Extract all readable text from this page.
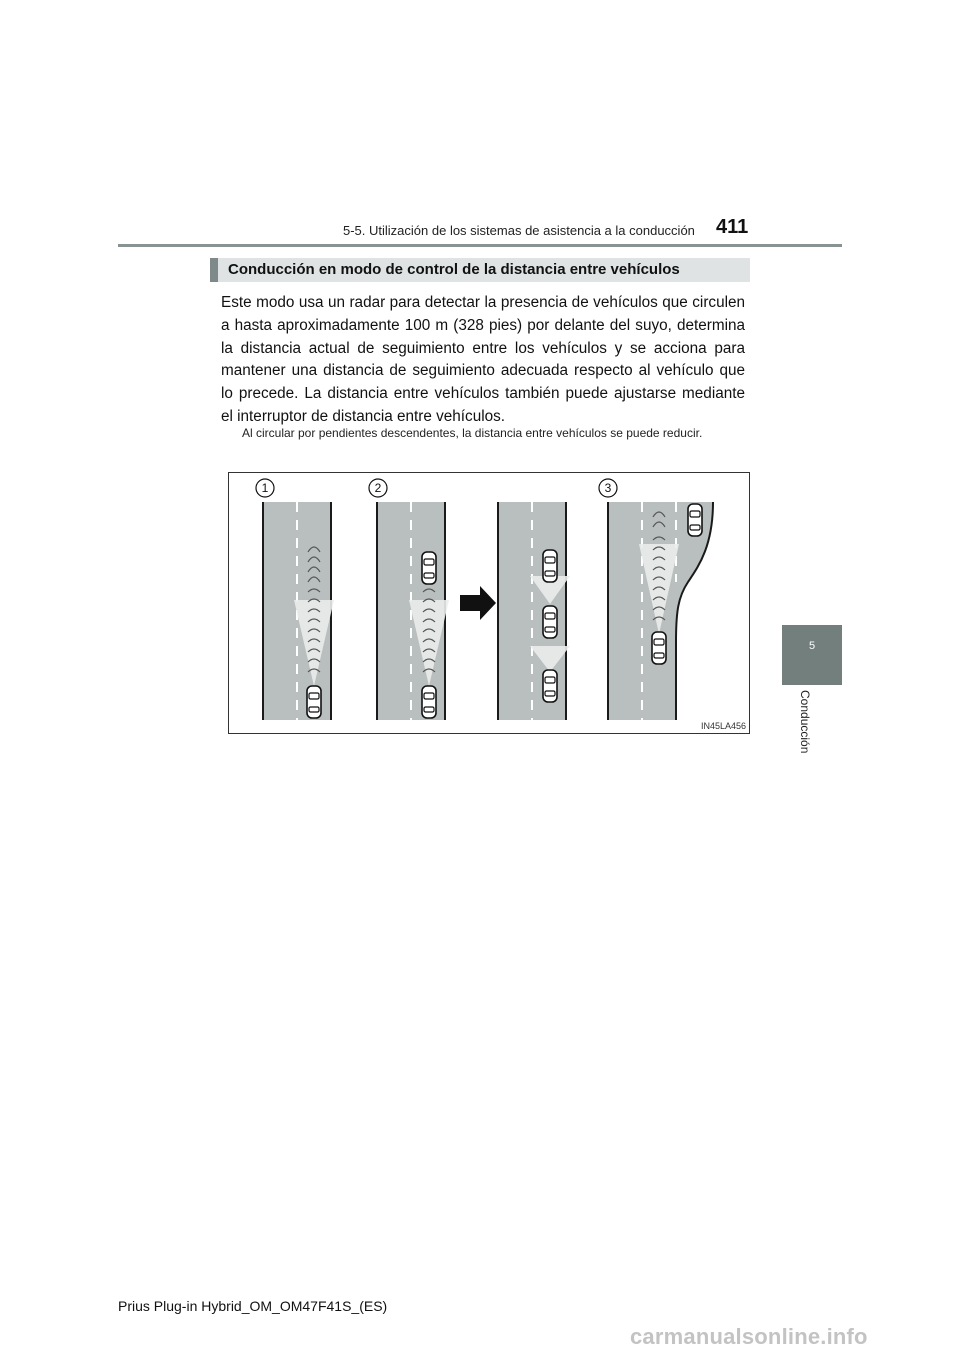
5-5. Utilización de los sistemas de asistencia a la conducción 411
Conducción en modo de control de la distancia entre vehículos

Este modo usa un radar para detectar la presencia de vehículos que circulen a hasta aproximadamente 100 m (328 pies) por delante del suyo, determina la distancia actual de seguimiento entre los vehículos y se acciona para mantener una distancia de seguimiento adecuada respecto al vehículo que lo precede. La distancia entre vehículos también puede ajustarse mediante el interruptor de distancia entre vehículos.

Al circular por pendientes descendentes, la distancia entre vehículos se puede reducir.

1	2	3
IN45LA456
5
Conducción
Prius Plug-in Hybrid_OM_OM47F41S_(ES)
carmanualsonline.info
